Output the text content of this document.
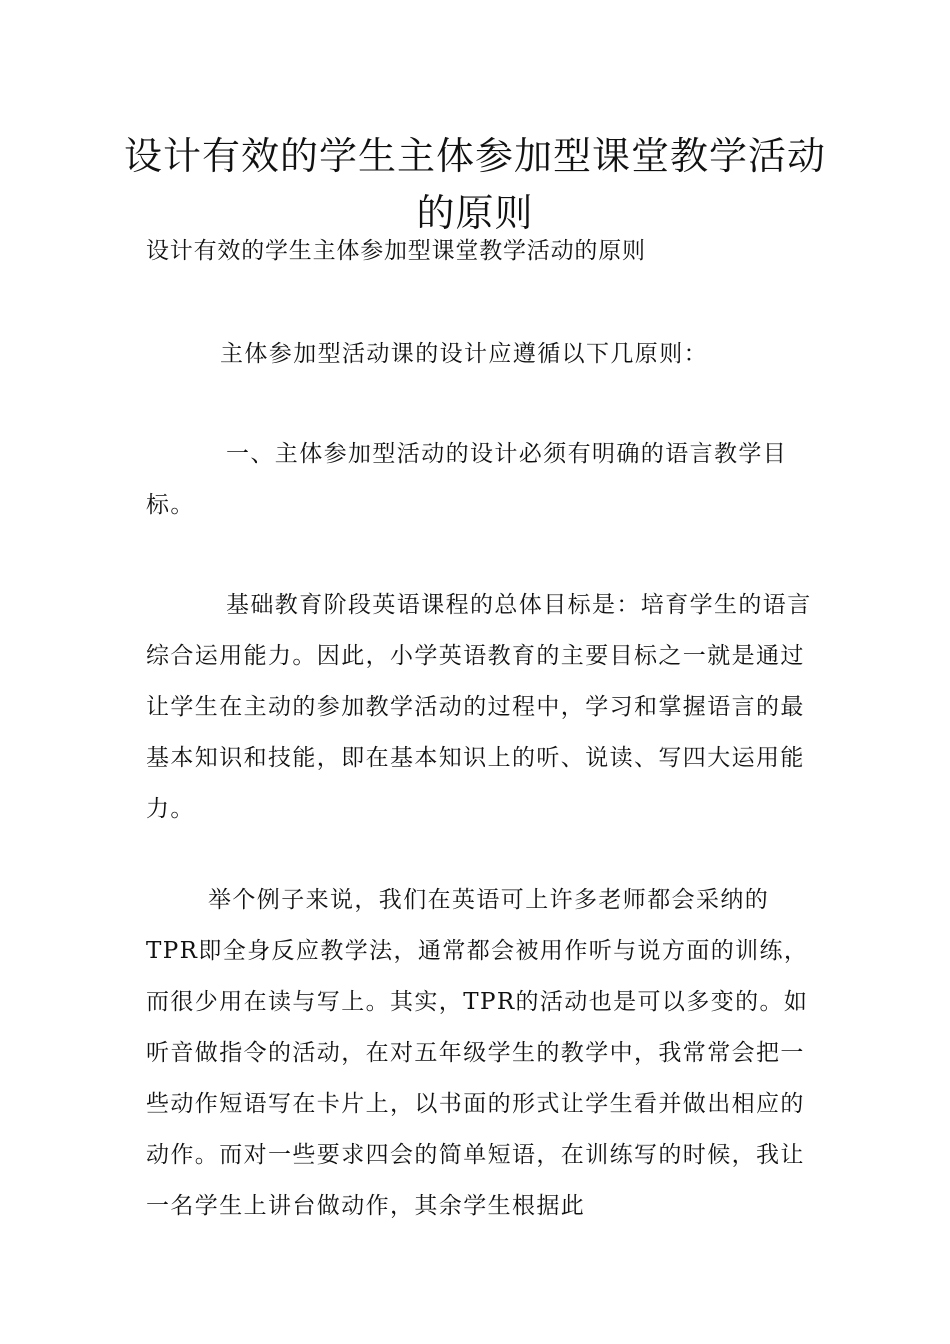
设计有效的学生主体参加型课堂教学活动的原则

设计有效的学生主体参加型课堂教学活动的原则

主体参加型活动课的设计应遵循以下几原则：

一、主体参加型活动的设计必须有明确的语言教学目标。

基础教育阶段英语课程的总体目标是：培育学生的语言综合运用能力。因此，小学英语教育的主要目标之一就是通过让学生在主动的参加教学活动的过程中，学习和掌握语言的最基本知识和技能，即在基本知识上的听、说读、写四大运用能力。

举个例子来说，我们在英语可上许多老师都会采纳的TPR即全身反应教学法，通常都会被用作听与说方面的训练，而很少用在读与写上。其实，TPR的活动也是可以多变的。如听音做指令的活动，在对五年级学生的教学中，我常常会把一些动作短语写在卡片上，以书面的形式让学生看并做出相应的动作。而对一些要求四会的简单短语，在训练写的时候，我让一名学生上讲台做动作，其余学生根据此
